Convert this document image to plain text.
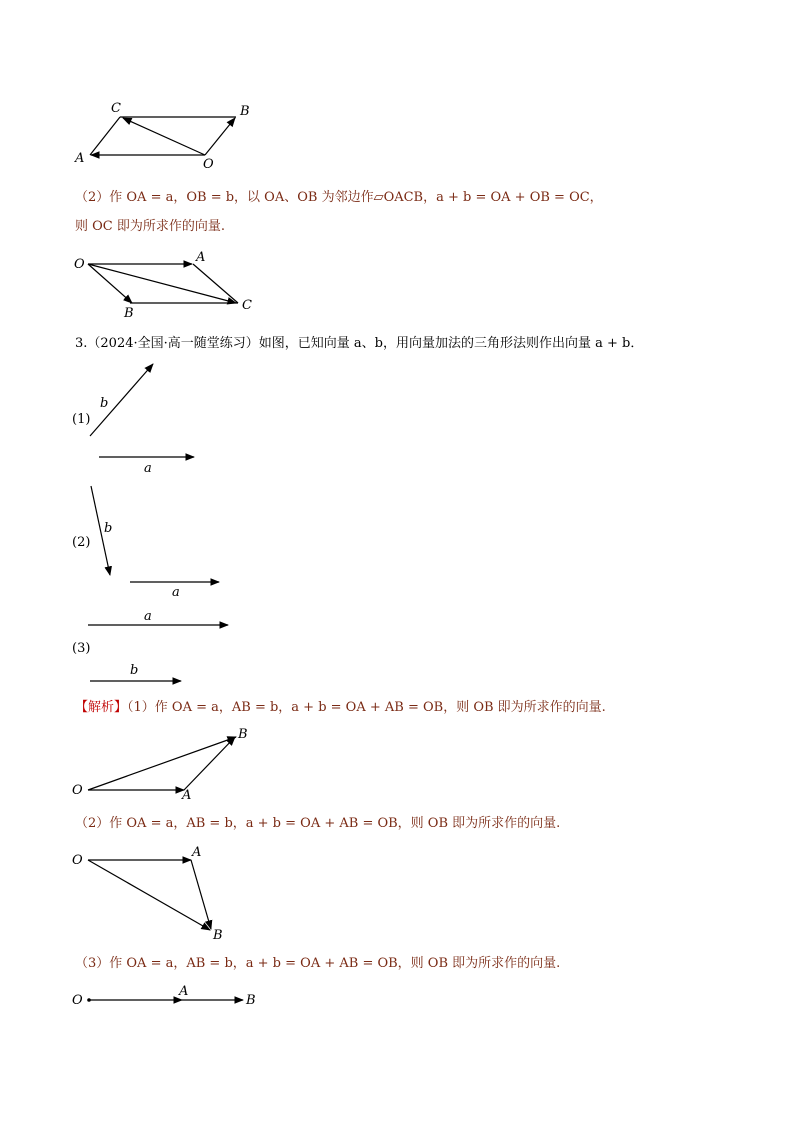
C	B
A	O
（2）作 OA = a，OB = b，以 OA、OB 为邻边作▱OACB，a + b = OA + OB = OC，
则 OC 即为所求作的向量.
O	A
B
C
3.（2024·全国·高一随堂练习）如图，已知向量 a、b，用向量加法的三角形法则作出向量 a + b．
(1)
b
a
(2)
b
a
a
(3)
b
【解析】（1）作 OA = a，AB = b，a + b = OA + AB = OB，则 OB 即为所求作的向量.
B
O	A
（2）作 OA = a，AB = b，a + b = OA + AB = OB，则 OB 即为所求作的向量.
O
A
B
（3）作 OA = a，AB = b，a + b = OA + AB = OB，则 OB 即为所求作的向量.
O
A
B
